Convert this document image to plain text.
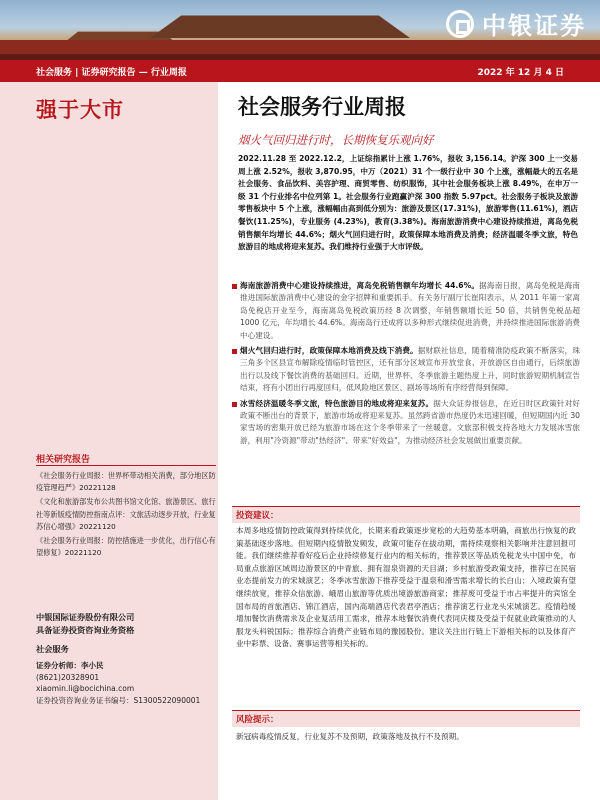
中银证券
社会服务 | 证券研究报告 — 行业周报	2022 年 12 月 4 日
强于大市
相关研究报告
《社会服务行业周报：世界杯带动相关消费，部分地区防疫管理趋严》20221128
《文化和旅游部发布公共图书馆文化馆、旅游景区、旅行社等新版疫情防控指南点评：文旅活动逐步开放，行业复苏信心增强》20221120
《社会服务行业周报：防控措施进一步优化，出行信心有望修复》20221120
中银国际证券股份有限公司
具备证券投资咨询业务资格
社会服务
证券分析师：李小民
(8621)20328901
xiaomin.li@bocichina.com
证券投资咨询业务证书编号：S1300522090001
社会服务行业周报
烟火气回归进行时，长期恢复乐观向好
2022.11.28 至 2022.12.2，上证综指累计上涨 1.76%，报收 3,156.14。沪深 300 上一交易周上涨 2.52%，报收 3,870.95，中万（2021）31 个一级行业中 30 个上涨，涨幅最大的五名是社会服务、食品饮料、美容护理、商贸零售、纺织服饰，其中社会服务板块上涨 8.49%，在申万一级 31 个行业排名中位列第 1。社会服务行业跑赢沪深 300 指数 5.97pct。社会服务子板块及旅游零售板块中 5 个上涨，涨幅幅由高到低分别为：旅游及景区(17.31%)，旅游零售(11.61%)，酒店餐饮(11.25%)，专业服务 (4.23%)，教育(3.38%)。海南旅游消费中心建设持续推进，离岛免税销售额年均增长 44.6%；烟火气回归进行时，政策保障本地消费及消费；经济温暖冬季文旅，特色旅游目的地成将迎来复苏。我们维持行业强于大市评级。
海南旅游消费中心建设持续推进，离岛免税销售额年均增长 44.6%。据海南日报，离岛免税是海南推进国际旅游消费中心建设的金字招牌和重要抓手。有关务厅副厅长崔阳表示，从 2011 年第一家离岛免税店开业至今，海南离岛免税政策历经 8 次调整，年销售额增长近 50 倍，共销售免税品超 1000 亿元，年均增长 44.6%。海南岛行还成将以多种形式继续促进消费，并持续推进国际旅游消费中心建设。
烟火气回归进行时，政策保障本地消费及线下消费。据财联社信息，随着精准防疫政策不断落实，珠三角多个区县宣布解除疫情临时管控区，还有部分区域宣布开放堂食、开放游区自由通行，后续旅游出行以及线下餐饮消费的基础回归。近期，世界杯、冬季旅游主题热度上升，同时旅游短期机制宣告结束，将有小团出行再度回归，低风险地区景区、剧场等场所有序经营得到保障。
冰雪经济温暖冬季文旅，特色旅游目的地成将迎来复苏。据大众证券报信息，在近日时区政策针对好政策不断出台的背景下，旅游市场或将迎来复苏。虽然跨省游市热度仍未迅速回暖，但短期国内近 30 家雪场的密集开放已经为旅游市场在这个冬季带来了一丝暖意。文旅部积极支持各地大力发展冰雪旅游，利用"冷资源"带动"热经济"、带来"好效益"，为推动经济社会发展做出重要贡献。
投资建议：
本周多地疫情防控政策得到持续优化，长期来看政策逐步宽松的大趋势基本明确，商旅出行恢复的政策基础逐步落地。但短期内疫情散发频发，政策可能存在拔动期，需持续观察相关影响并注意回报可能。我们继续推荐看好疫后企业持续修复行业内的相关标的，推荐景区等品质免税龙头中国中免，布局重点旅游区域周边游景区的中青旅、拥有湿泉资源的天目湖；乡村旅游受政策支持，推荐已在民宿业态提前发力的宋城演艺；冬季冰雪旅游下推荐受益于温泉和滑雪需求增长的长白山；入境政策有望继续放宽，推荐众信旅游、峨眉山旅游等优质出境游旅游商家；推荐废可受益于市占率提升的宾馆全国布局的首旅酒店、锦江酒店，国内高端酒店代表君亭酒店；推荐演艺行业龙头宋城演艺。疫情趋缓增加餐饮消费需求及企业复活用工需求，推荐本地餐饮消费代表同庆楼及受益于促就业政策推动的人服龙头科锐国际；推荐综合消费产业链布局的豫园股份。建议关注出行链上下游相关标的以及体育产业中彩票、设备、赛事运营等相关标的。
风险提示：
新冠病毒疫情反复，行业复苏不及预期，政策落地及执行不及预期。
